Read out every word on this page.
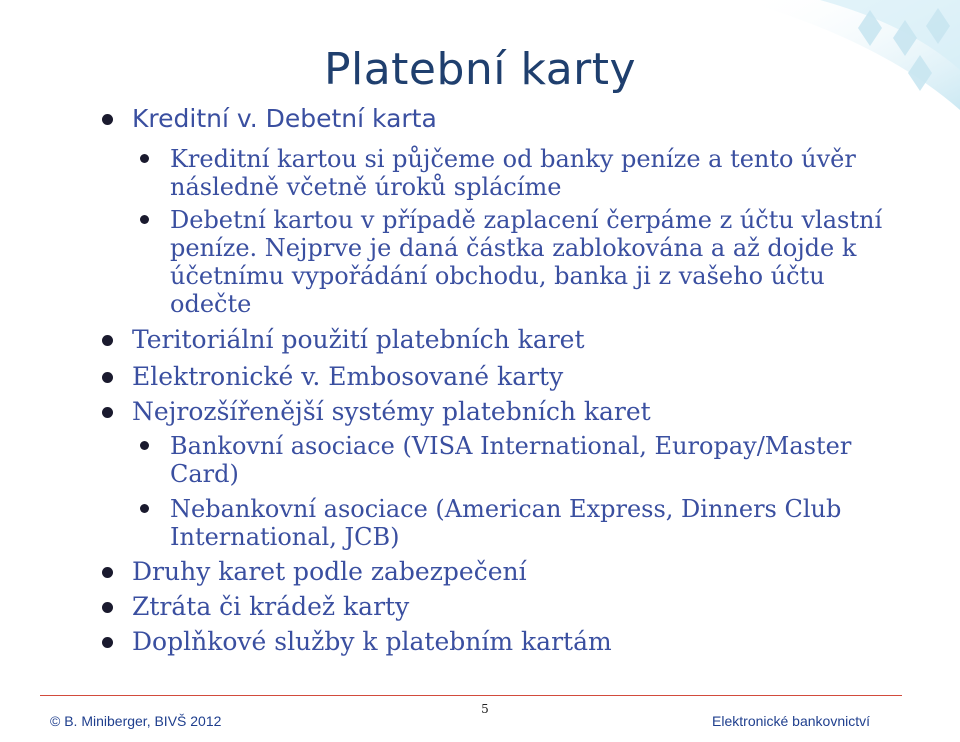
Platební karty
Kreditní v. Debetní karta
Kreditní kartou si půjčeme od banky peníze a tento úvěr následně včetně úroků splácíme
Debetní kartou v případě zaplacení čerpáme z účtu vlastní peníze. Nejprve je daná částka zablokována a až dojde k účetnímu vypořádání obchodu, banka ji z vašeho účtu odečte
Teritoriální použití platebních karet
Elektronické v. Embosované karty
Nejrozšířenější systémy platebních karet
Bankovní asociace (VISA International, Europay/Master Card)
Nebankovní asociace (American Express, Dinners Club International, JCB)
Druhy karet podle zabezpečení
Ztráta či krádež karty
Doplňkové služby k platebním kartám
© B. Miniberger, BIVŠ 2012
5
Elektronické bankovnictví
